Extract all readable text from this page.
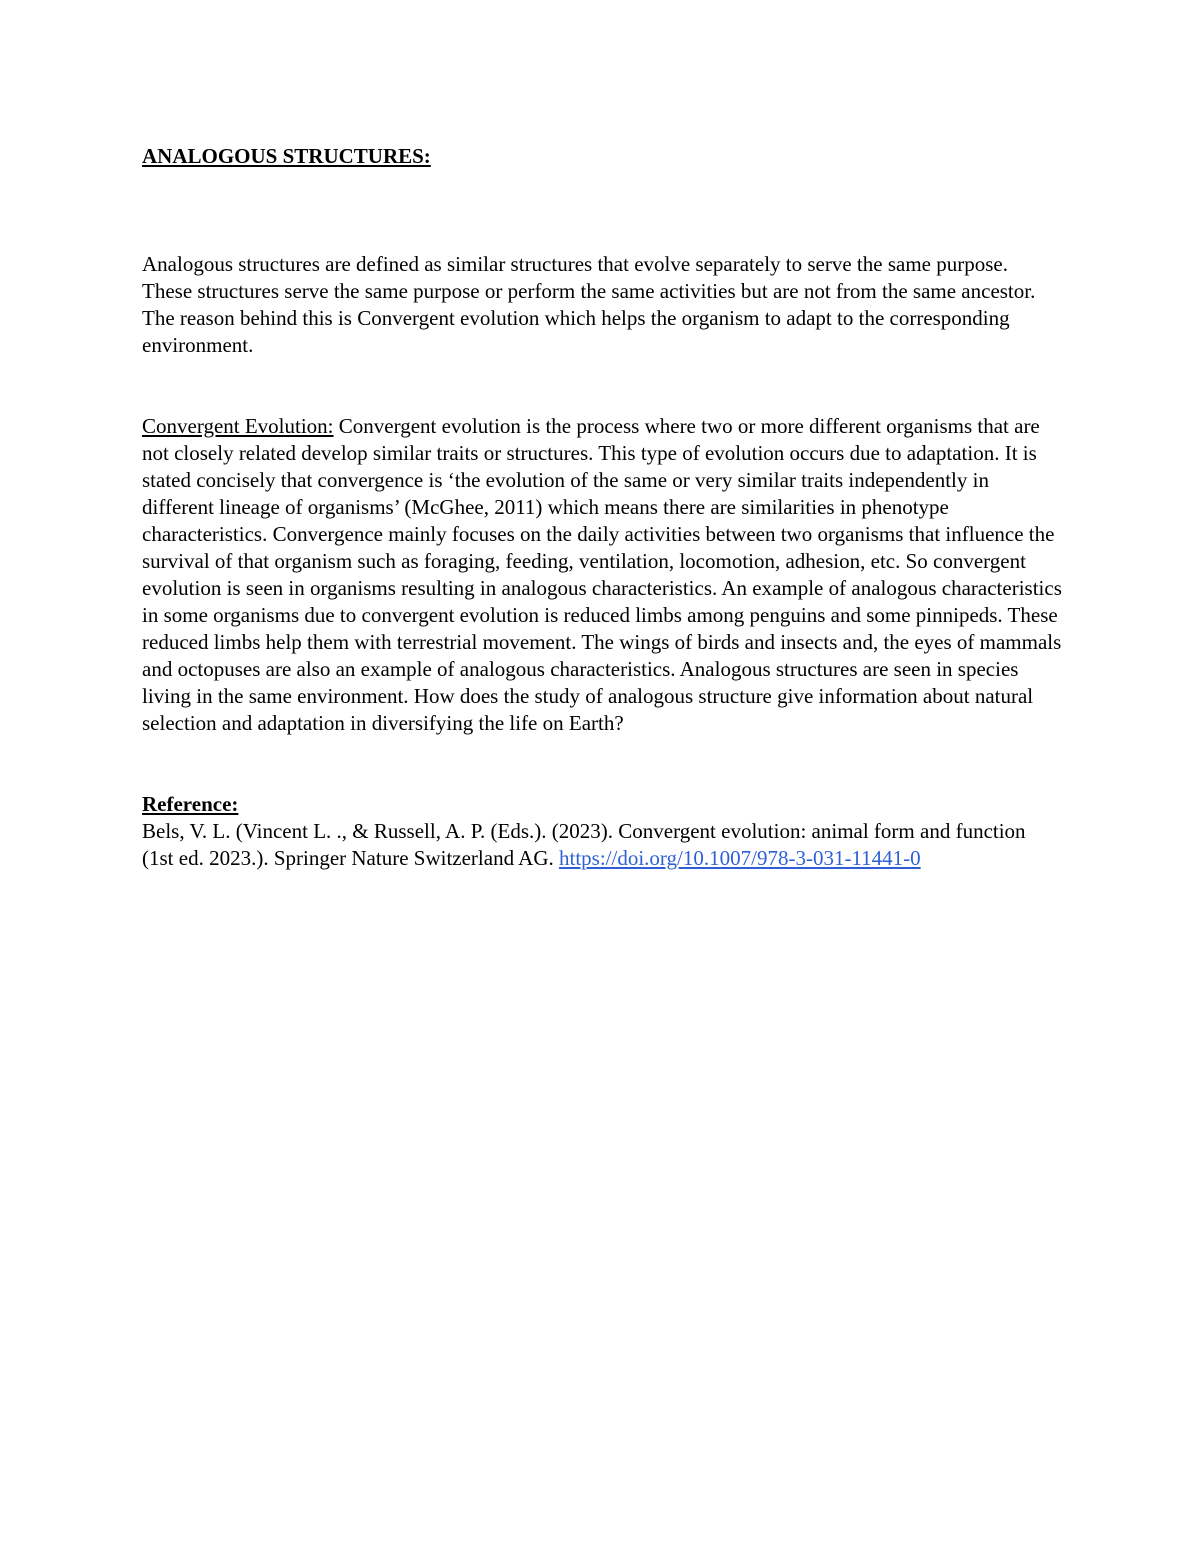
ANALOGOUS STRUCTURES:

Analogous structures are defined as similar structures that evolve separately to serve the same purpose. These structures serve the same purpose or perform the same activities but are not from the same ancestor. The reason behind this is Convergent evolution which helps the organism to adapt to the corresponding environment.

Convergent Evolution: Convergent evolution is the process where two or more different organisms that are not closely related develop similar traits or structures. This type of evolution occurs due to adaptation. It is stated concisely that convergence is ‘the evolution of the same or very similar traits independently in different lineage of organisms’ (McGhee, 2011) which means there are similarities in phenotype characteristics. Convergence mainly focuses on the daily activities between two organisms that influence the survival of that organism such as foraging, feeding, ventilation, locomotion, adhesion, etc. So convergent evolution is seen in organisms resulting in analogous characteristics. An example of analogous characteristics in some organisms due to convergent evolution is reduced limbs among penguins and some pinnipeds. These reduced limbs help them with terrestrial movement. The wings of birds and insects and, the eyes of mammals and octopuses are also an example of analogous characteristics. Analogous structures are seen in species living in the same environment. How does the study of analogous structure give information about natural selection and adaptation in diversifying the life on Earth?

Reference:

Bels, V. L. (Vincent L. ., & Russell, A. P. (Eds.). (2023). Convergent evolution: animal form and function (1st ed. 2023.). Springer Nature Switzerland AG. https://doi.org/10.1007/978-3-031-11441-0
